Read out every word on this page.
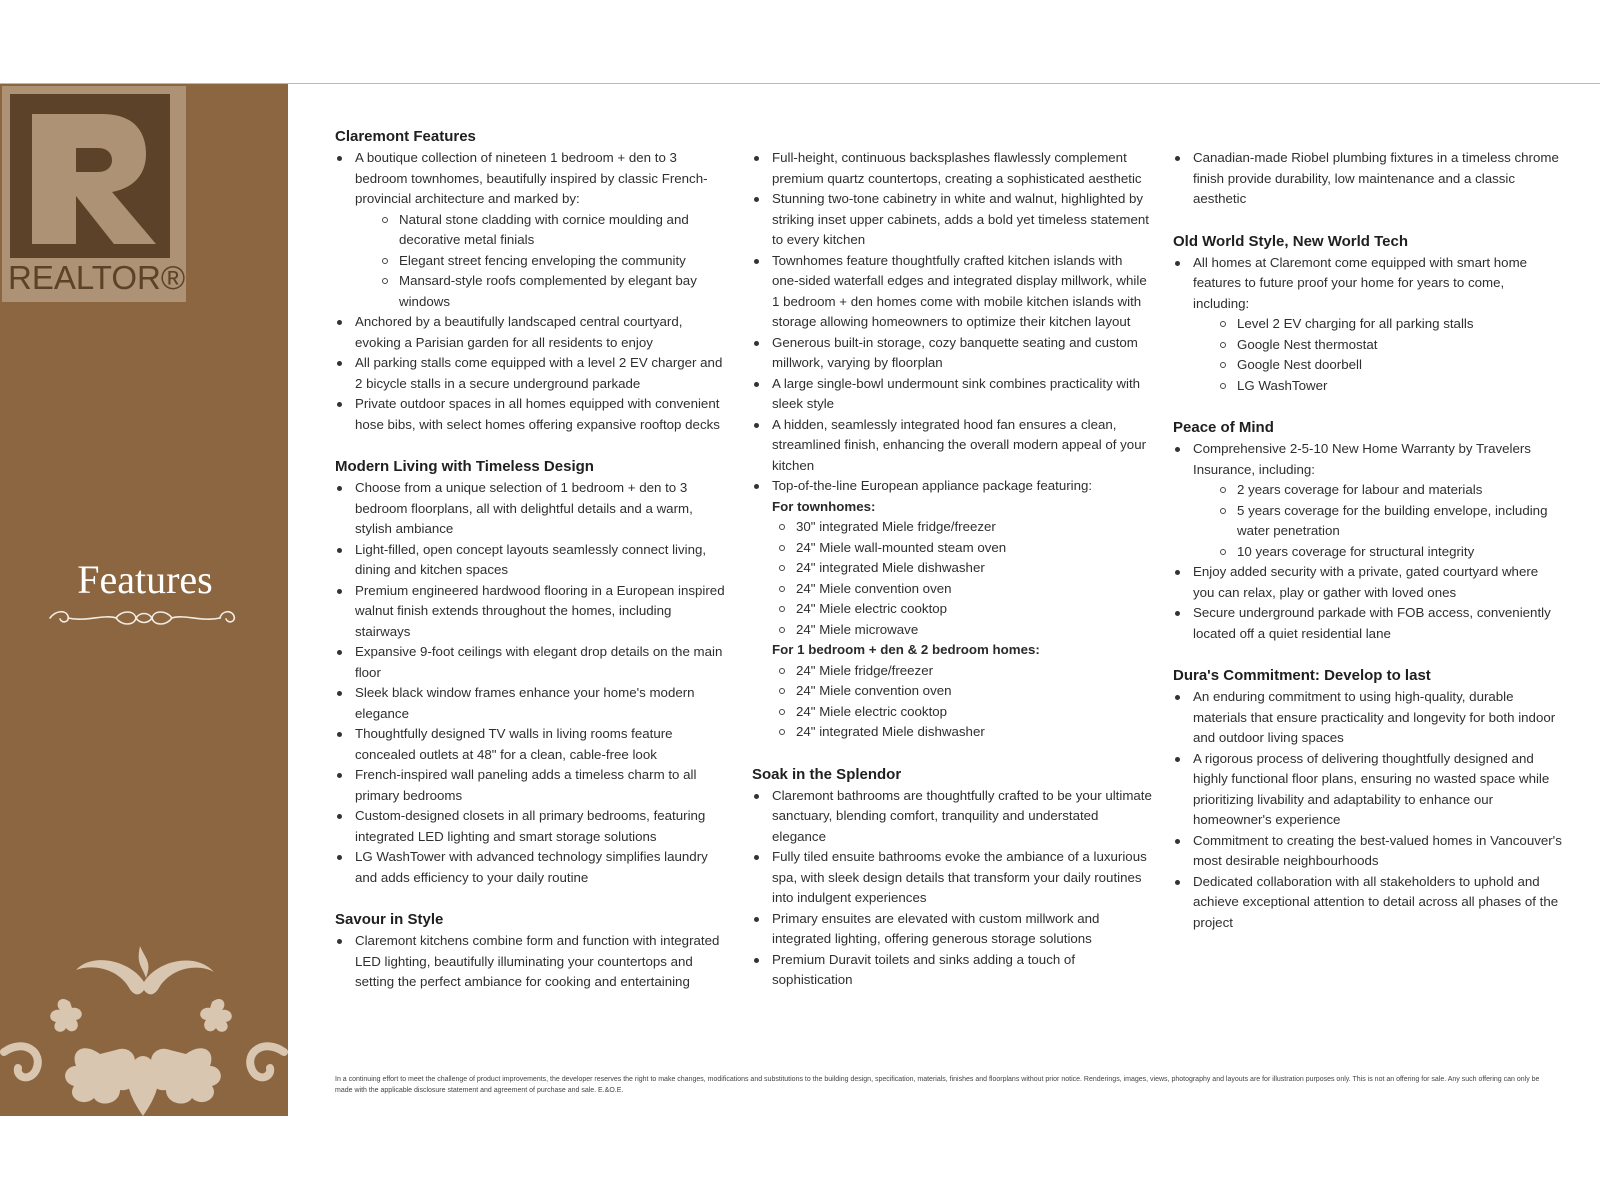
REALTOR®
Features
Claremont Features
A boutique collection of nineteen 1 bedroom + den to 3 bedroom townhomes, beautifully inspired by classic French-provincial architecture and marked by:
Natural stone cladding with cornice moulding and decorative metal finials
Elegant street fencing enveloping the community
Mansard-style roofs complemented by elegant bay windows
Anchored by a beautifully landscaped central courtyard, evoking a Parisian garden for all residents to enjoy
All parking stalls come equipped with a level 2 EV charger and 2 bicycle stalls in a secure underground parkade
Private outdoor spaces in all homes equipped with convenient hose bibs, with select homes offering expansive rooftop decks
Modern Living with Timeless Design
Choose from a unique selection of 1 bedroom + den to 3 bedroom floorplans, all with delightful details and a warm, stylish ambiance
Light-filled, open concept layouts seamlessly connect living, dining and kitchen spaces
Premium engineered hardwood flooring in a European inspired walnut finish extends throughout the homes, including stairways
Expansive 9-foot ceilings with elegant drop details on the main floor
Sleek black window frames enhance your home's modern elegance
Thoughtfully designed TV walls in living rooms feature concealed outlets at 48" for a clean, cable-free look
French-inspired wall paneling adds a timeless charm to all primary bedrooms
Custom-designed closets in all primary bedrooms, featuring integrated LED lighting and smart storage solutions
LG WashTower with advanced technology simplifies laundry and adds efficiency to your daily routine
Savour in Style
Claremont kitchens combine form and function with integrated LED lighting, beautifully illuminating your countertops and setting the perfect ambiance for cooking and entertaining
Full-height, continuous backsplashes flawlessly complement premium quartz countertops, creating a sophisticated aesthetic
Stunning two-tone cabinetry in white and walnut, highlighted by striking inset upper cabinets, adds a bold yet timeless statement to every kitchen
Townhomes feature thoughtfully crafted kitchen islands with one-sided waterfall edges and integrated display millwork, while 1 bedroom + den homes come with mobile kitchen islands with storage allowing homeowners to optimize their kitchen layout
Generous built-in storage, cozy banquette seating and custom millwork, varying by floorplan
A large single-bowl undermount sink combines practicality with sleek style
A hidden, seamlessly integrated hood fan ensures a clean, streamlined finish, enhancing the overall modern appeal of your kitchen
Top-of-the-line European appliance package featuring:
For townhomes:
30" integrated Miele fridge/freezer
24" Miele wall-mounted steam oven
24" integrated Miele dishwasher
24" Miele convention oven
24" Miele electric cooktop
24" Miele microwave
For 1 bedroom + den & 2 bedroom homes:
24" Miele fridge/freezer
24" Miele convention oven
24" Miele electric cooktop
24" integrated Miele dishwasher
Soak in the Splendor
Claremont bathrooms are thoughtfully crafted to be your ultimate sanctuary, blending comfort, tranquility and understated elegance
Fully tiled ensuite bathrooms evoke the ambiance of a luxurious spa, with sleek design details that transform your daily routines into indulgent experiences
Primary ensuites are elevated with custom millwork and integrated lighting, offering generous storage solutions
Premium Duravit toilets and sinks adding a touch of sophistication
Canadian-made Riobel plumbing fixtures in a timeless chrome finish provide durability, low maintenance and a classic aesthetic
Old World Style, New World Tech
All homes at Claremont come equipped with smart home features to future proof your home for years to come, including:
Level 2 EV charging for all parking stalls
Google Nest thermostat
Google Nest doorbell
LG WashTower
Peace of Mind
Comprehensive 2-5-10 New Home Warranty by Travelers Insurance, including:
2 years coverage for labour and materials
5 years coverage for the building envelope, including water penetration
10 years coverage for structural integrity
Enjoy added security with a private, gated courtyard where you can relax, play or gather with loved ones
Secure underground parkade with FOB access, conveniently located off a quiet residential lane
Dura's Commitment: Develop to last
An enduring commitment to using high-quality, durable materials that ensure practicality and longevity for both indoor and outdoor living spaces
A rigorous process of delivering thoughtfully designed and highly functional floor plans, ensuring no wasted space while prioritizing livability and adaptability to enhance our homeowner's experience
Commitment to creating the best-valued homes in Vancouver's most desirable neighbourhoods
Dedicated collaboration with all stakeholders to uphold and achieve exceptional attention to detail across all phases of the project
In a continuing effort to meet the challenge of product improvements, the developer reserves the right to make changes, modifications and substitutions to the building design, specification, materials, finishes and floorplans without prior notice. Renderings, images, views, photography and layouts are for illustration purposes only. This is not an offering for sale. Any such offering can only be made with the applicable disclosure statement and agreement of purchase and sale. E.&O.E.
